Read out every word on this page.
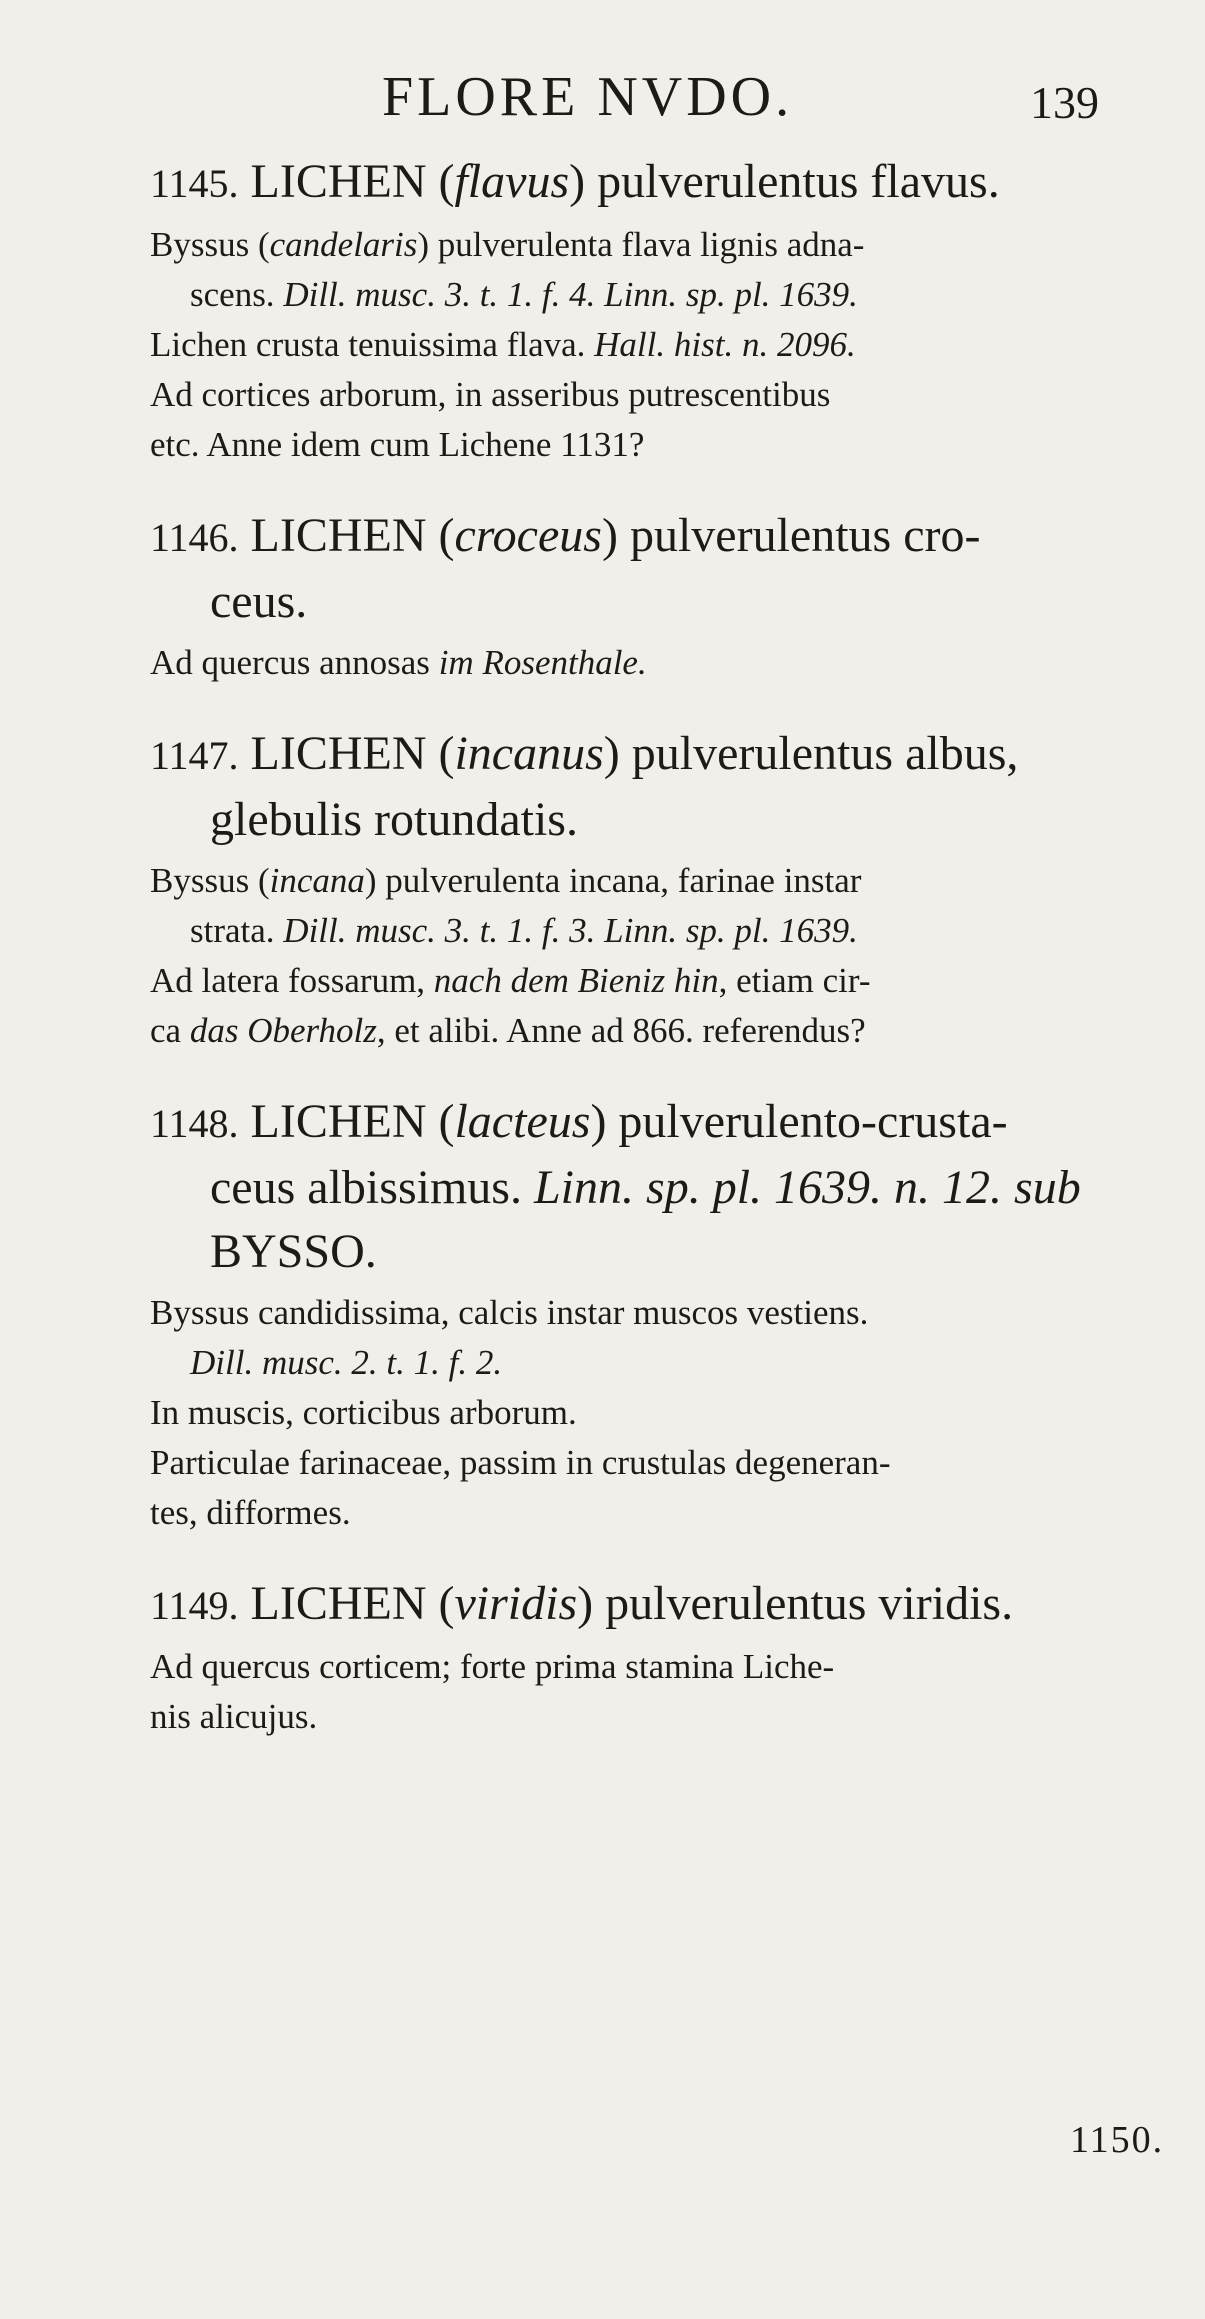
FLORE NVDO.	139

1145. LICHEN (flavus) pulverulentus flavus.

Byssus (candelaris) pulverulenta flava lignis adna-

scens. Dill. musc. 3. t. 1. f. 4. Linn. sp. pl. 1639.

Lichen crusta tenuissima flava. Hall. hist. n. 2096.

Ad cortices arborum, in asseribus putrescentibus

etc. Anne idem cum Lichene 1131?

1146. LICHEN (croceus) pulverulentus cro-
ceus.

Ad quercus annosas im Rosenthale.

1147. LICHEN (incanus) pulverulentus albus,
glebulis rotundatis.

Byssus (incana) pulverulenta incana, farinae instar

strata. Dill. musc. 3. t. 1. f. 3. Linn. sp. pl. 1639.

Ad latera fossarum, nach dem Bieniz hin, etiam cir-

ca das Oberholz, et alibi. Anne ad 866. referendus?

1148. LICHEN (lacteus) pulverulento-crusta-
ceus albissimus. Linn. sp. pl. 1639. n. 12. sub
BYSSO.

Byssus candidissima, calcis instar muscos vestiens.

Dill. musc. 2. t. 1. f. 2.

In muscis, corticibus arborum.

Particulae farinaceae, passim in crustulas degeneran-

tes, difformes.

1149. LICHEN (viridis) pulverulentus viridis.

Ad quercus corticem; forte prima stamina Liche-

nis alicujus.

1150.
